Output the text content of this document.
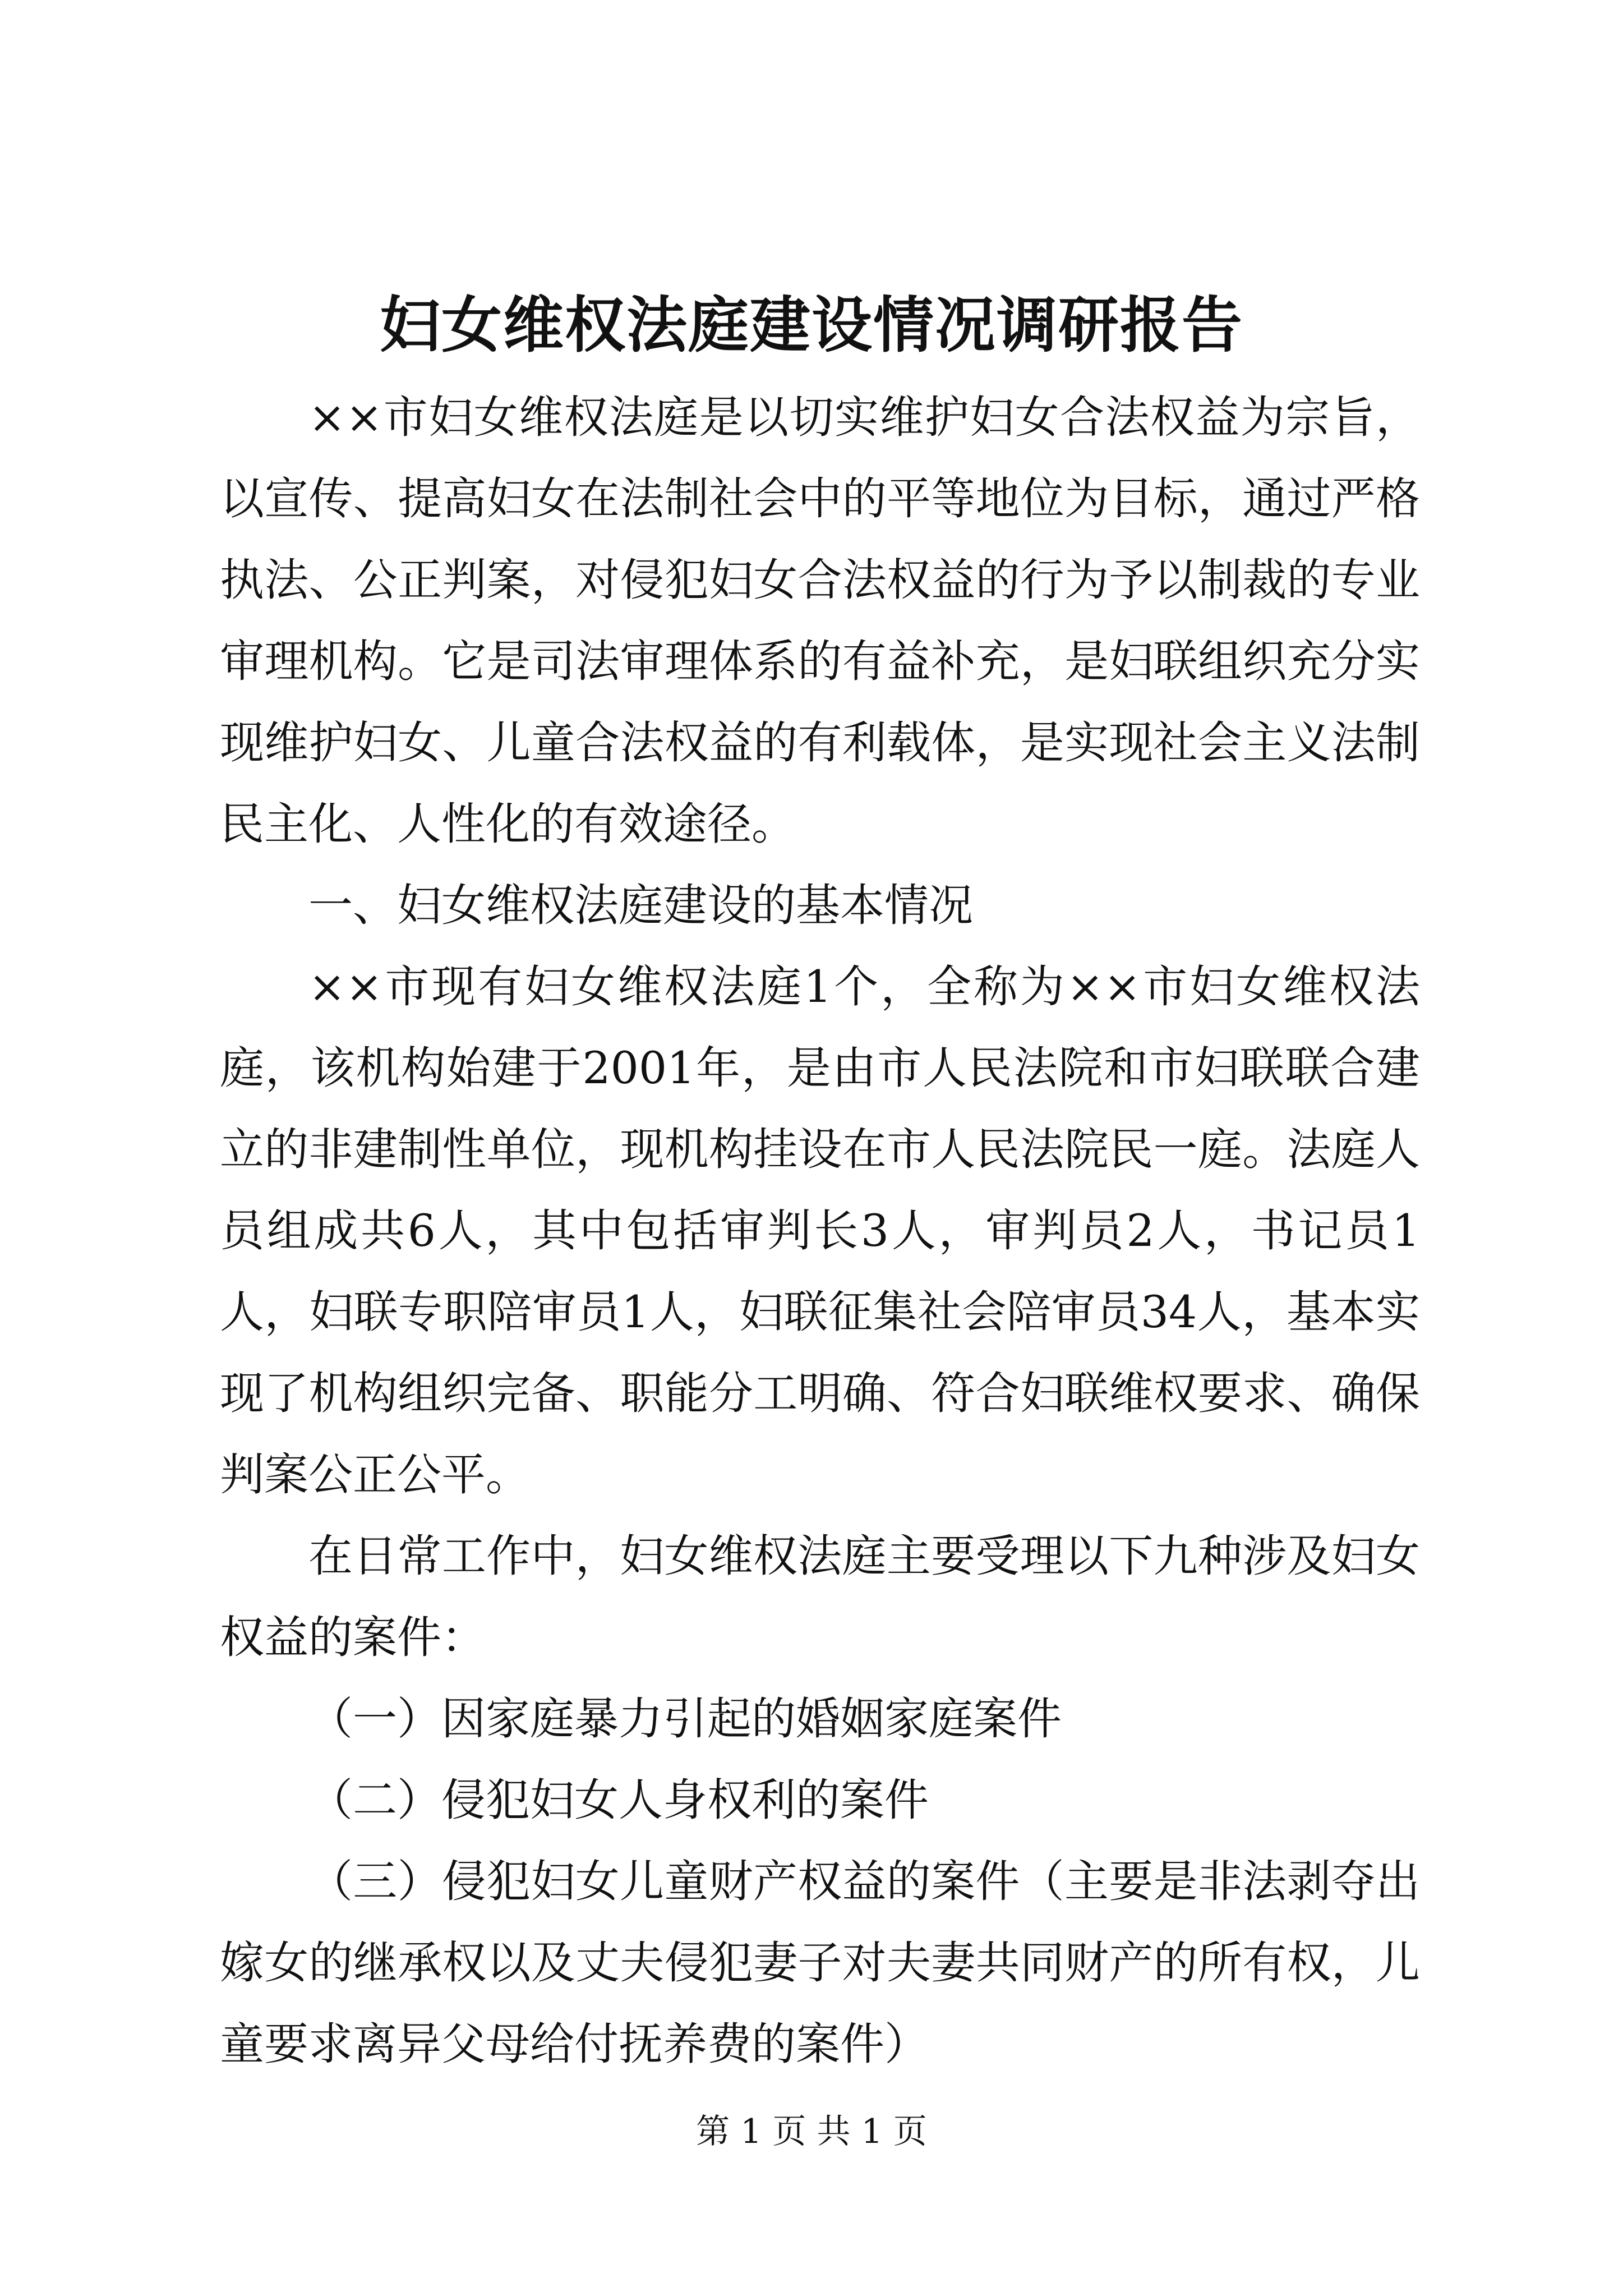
妇女维权法庭建设情况调研报告

××市妇女维权法庭是以切实维护妇女合法权益为宗旨，以宣传、提高妇女在法制社会中的平等地位为目标，通过严格执法、公正判案，对侵犯妇女合法权益的行为予以制裁的专业审理机构。它是司法审理体系的有益补充，是妇联组织充分实现维护妇女、儿童合法权益的有利载体，是实现社会主义法制民主化、人性化的有效途径。

一、妇女维权法庭建设的基本情况

××市现有妇女维权法庭1个，全称为××市妇女维权法庭，该机构始建于2001年，是由市人民法院和市妇联联合建立的非建制性单位，现机构挂设在市人民法院民一庭。法庭人员组成共6人，其中包括审判长3人，审判员2人，书记员1人，妇联专职陪审员1人，妇联征集社会陪审员34人，基本实现了机构组织完备、职能分工明确、符合妇联维权要求、确保判案公正公平。

在日常工作中，妇女维权法庭主要受理以下九种涉及妇女权益的案件：

（一）因家庭暴力引起的婚姻家庭案件

（二）侵犯妇女人身权利的案件

（三）侵犯妇女儿童财产权益的案件（主要是非法剥夺出嫁女的继承权以及丈夫侵犯妻子对夫妻共同财产的所有权，儿童要求离异父母给付抚养费的案件）

第 1 页 共 1 页
